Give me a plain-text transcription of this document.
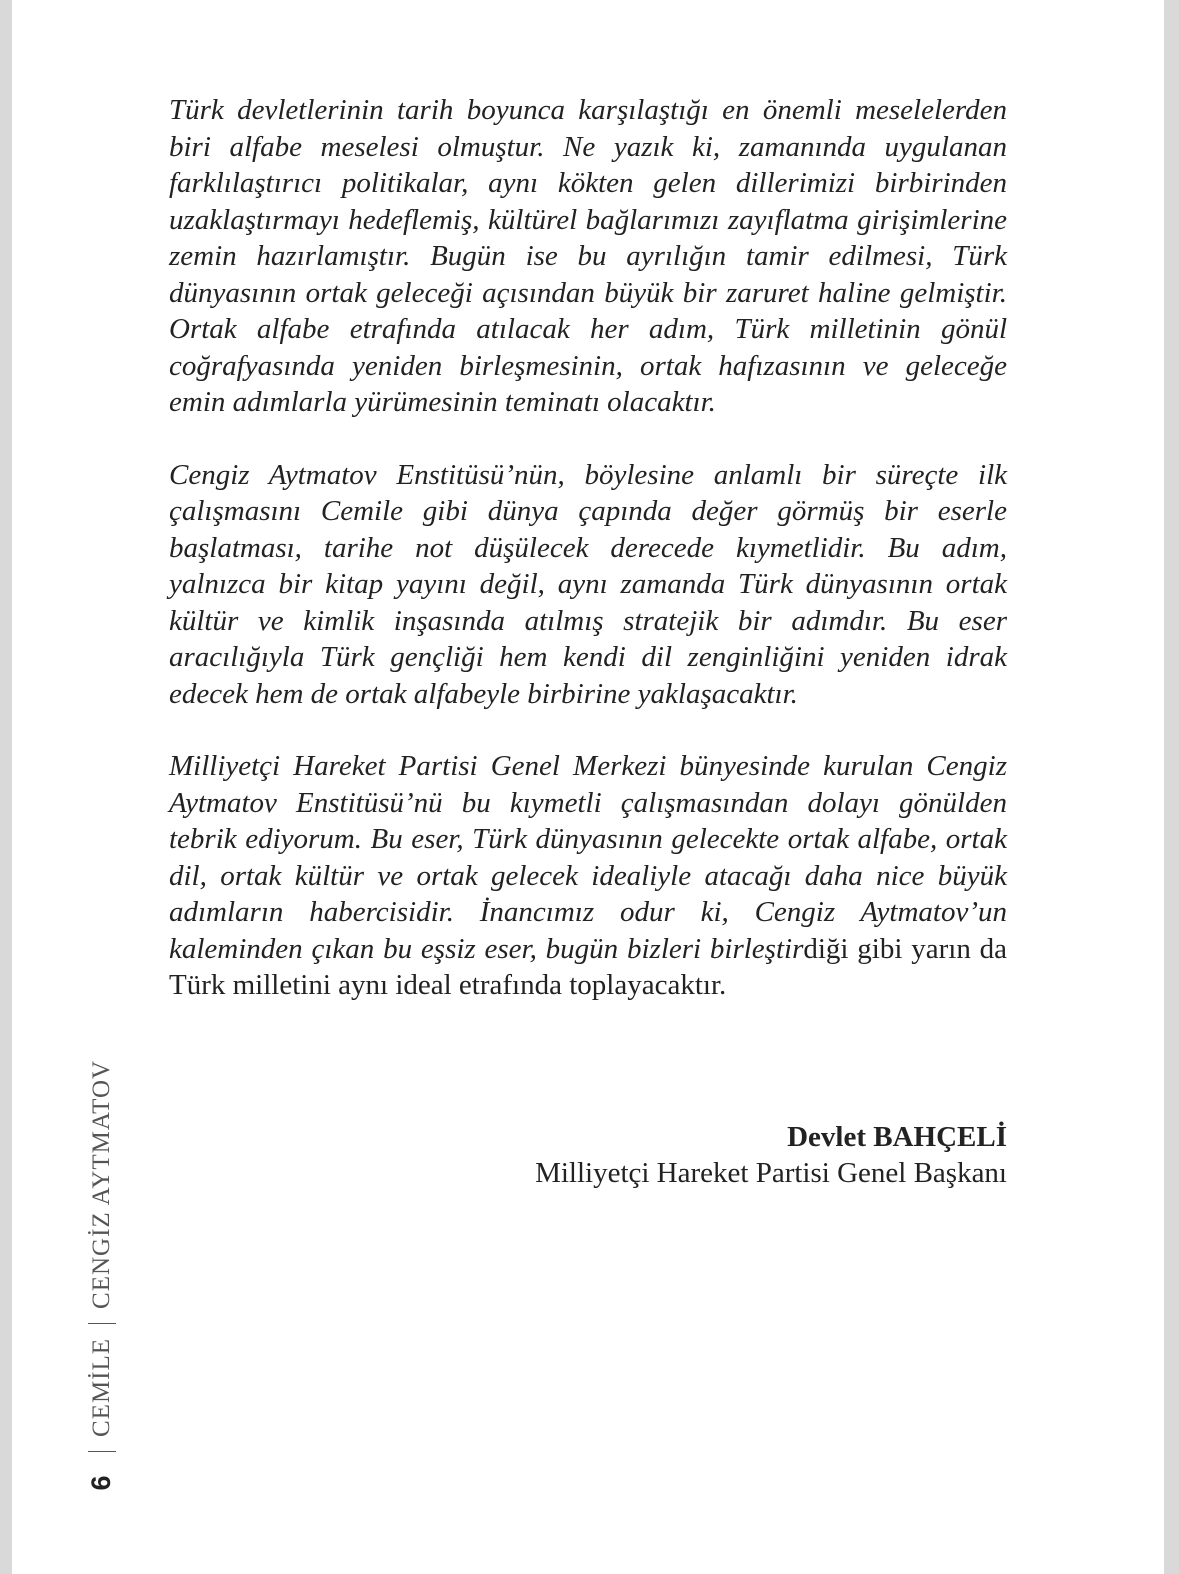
Türk devletlerinin tarih boyunca karşılaştığı en önemli meselelerden biri alfabe meselesi olmuştur. Ne yazık ki, zamanında uygulanan farklılaştırıcı politikalar, aynı kökten gelen dillerimizi birbirinden uzaklaştırmayı hedeflemiş, kültürel bağlarımızı zayıflatma girişimlerine zemin hazırlamıştır. Bugün ise bu ayrılığın tamir edilmesi, Türk dünyasının ortak geleceği açısından büyük bir zaruret haline gelmiştir. Ortak alfabe etrafında atılacak her adım, Türk milletinin gönül coğrafyasında yeniden birleşmesinin, ortak hafızasının ve geleceğe emin adımlarla yürümesinin teminatı olacaktır.

Cengiz Aytmatov Enstitüsü’nün, böylesine anlamlı bir süreçte ilk çalışmasını Cemile gibi dünya çapında değer görmüş bir eserle başlatması, tarihe not düşülecek derecede kıymetlidir. Bu adım, yalnızca bir kitap yayını değil, aynı zamanda Türk dünyasının ortak kültür ve kimlik inşasında atılmış stratejik bir adımdır. Bu eser aracılığıyla Türk gençliği hem kendi dil zenginliğini yeniden idrak edecek hem de ortak alfabeyle birbirine yaklaşacaktır.

Milliyetçi Hareket Partisi Genel Merkezi bünyesinde kurulan Cengiz Aytmatov Enstitüsü’nü bu kıymetli çalışmasından dolayı gönülden tebrik ediyorum. Bu eser, Türk dünyasının gelecekte ortak alfabe, ortak dil, ortak kültür ve ortak gelecek idealiyle atacağı daha nice büyük adımların habercisidir. İnancımız odur ki, Cengiz Aytmatov’un kaleminden çıkan bu eşsiz eser, bugün bizleri birleştirdiği gibi yarın da Türk milletini aynı ideal etrafında toplayacaktır.

Devlet BAHÇELİ
Milliyetçi Hareket Partisi Genel Başkanı
6
CEMİLE
CENGİZ AYTMATOV
